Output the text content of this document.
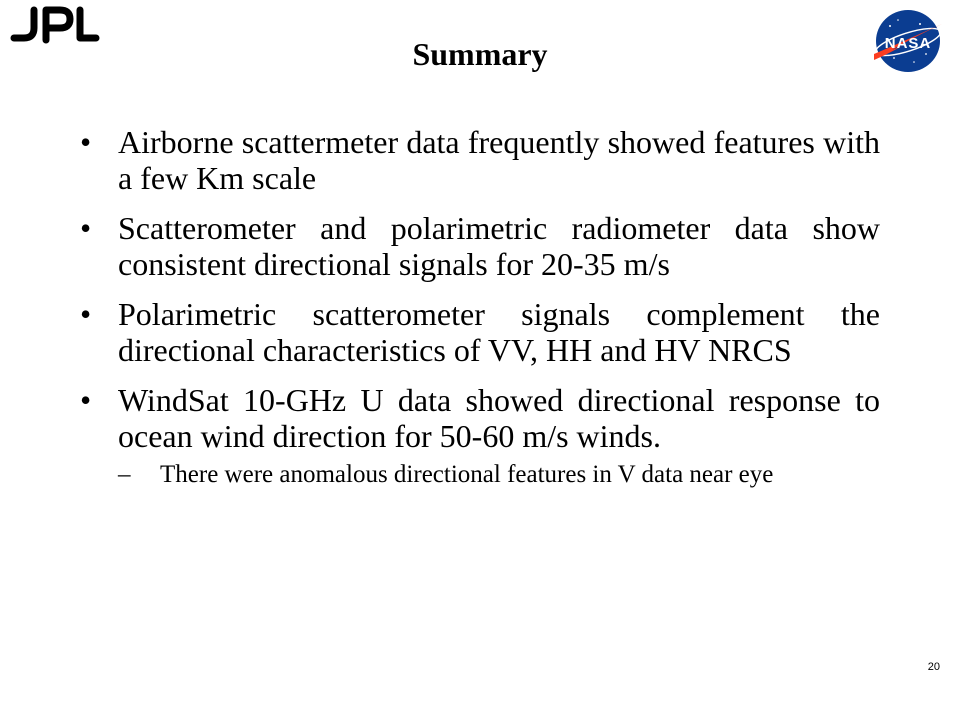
NASA
Summary
• Airborne scattermeter data frequently showed features with a few Km scale
• Scatterometer and polarimetric radiometer data show consistent directional signals for 20-35 m/s
• Polarimetric scatterometer signals complement the directional characteristics of VV, HH and HV NRCS
• WindSat 10-GHz U data showed directional response to ocean wind direction for 50-60 m/s winds.
–	There were anomalous directional features in V data near eye
20
